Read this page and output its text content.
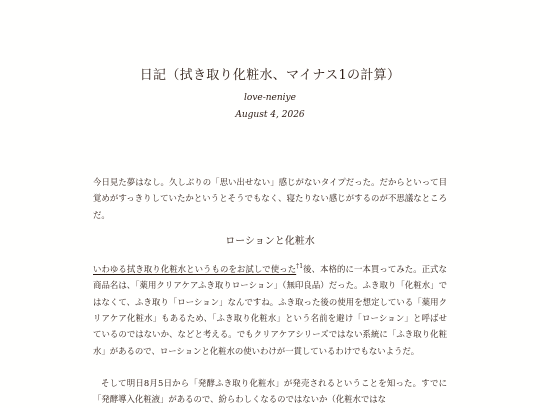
日記（拭き取り化粧水、マイナス1の計算）
love-neniye
August 4, 2026

今日見た夢はなし。久しぶりの「思い出せない」感じがないタイプだった。だからといって目覚めがすっきりしていたかというとそうでもなく、寝たりない感じがするのが不思議なところだ。

ローションと化粧水

いわゆる拭き取り化粧水というものをお試しで使った$^{\dagger 1}$後、本格的に一本買ってみた。正式な商品名は、「薬用クリアケアふき取りローション」（無印良品）だった。ふき取り「化粧水」ではなくて、ふき取り「ローション」なんですね。ふき取った後の使用を想定している「薬用クリアケア化粧水」もあるため、「ふき取り化粧水」という名前を避け「ローション」と呼ばせているのではないか、などと考える。でもクリアケアシリーズではない系統に「ふき取り化粧水」があるので、ローションと化粧水の使いわけが一貫しているわけでもないようだ。

そして明日8月5日から「発酵ふき取り化粧水」が発売されるということを知った。すでに「発酵導入化粧液」があるので、紛らわしくなるのではないか（化粧水ではな
